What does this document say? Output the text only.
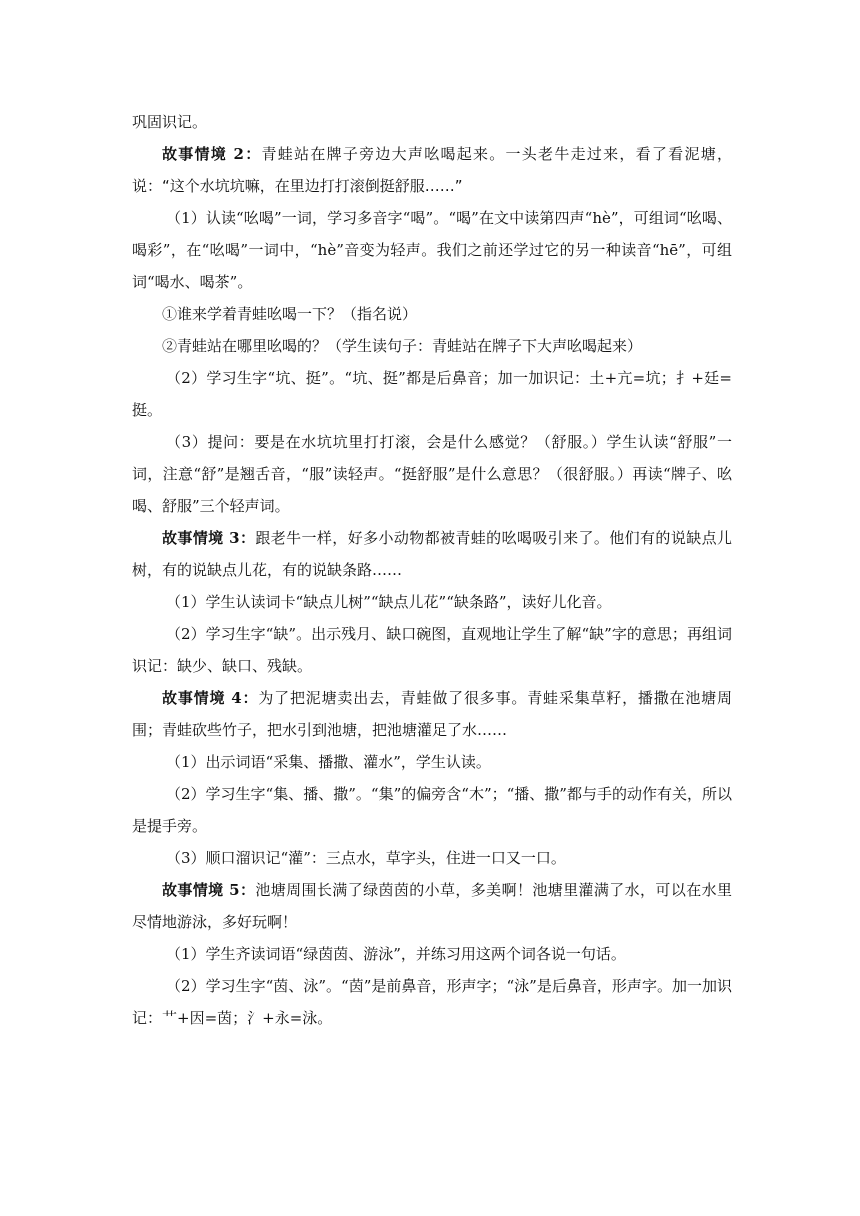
巩固识记。

故事情境 2：青蛙站在牌子旁边大声吆喝起来。一头老牛走过来，看了看泥塘，说：“这个水坑坑嘛，在里边打打滚倒挺舒服……”

（1）认读“吆喝”一词，学习多音字“喝”。“喝”在文中读第四声“hè”，可组词“吆喝、喝彩”，在“吆喝”一词中，“hè”音变为轻声。我们之前还学过它的另一种读音“hē”，可组词“喝水、喝茶”。

①谁来学着青蛙吆喝一下？（指名说）

②青蛙站在哪里吆喝的？（学生读句子：青蛙站在牌子下大声吆喝起来）

（2）学习生字“坑、挺”。“坑、挺”都是后鼻音；加一加识记：土+亢=坑；扌+廷=挺。

（3）提问：要是在水坑坑里打打滚，会是什么感觉？（舒服。）学生认读“舒服”一词，注意“舒”是翘舌音，“服”读轻声。“挺舒服”是什么意思？（很舒服。）再读“牌子、吆喝、舒服”三个轻声词。

故事情境 3：跟老牛一样，好多小动物都被青蛙的吆喝吸引来了。他们有的说缺点儿树，有的说缺点儿花，有的说缺条路……

（1）学生认读词卡“缺点儿树”“缺点儿花”“缺条路”，读好儿化音。

（2）学习生字“缺”。出示残月、缺口碗图，直观地让学生了解“缺”字的意思；再组词识记：缺少、缺口、残缺。

故事情境 4：为了把泥塘卖出去，青蛙做了很多事。青蛙采集草籽，播撒在池塘周围；青蛙砍些竹子，把水引到池塘，把池塘灌足了水……

（1）出示词语“采集、播撒、灌水”，学生认读。

（2）学习生字“集、播、撒”。“集”的偏旁含“木”；“播、撒”都与手的动作有关，所以是提手旁。

（3）顺口溜识记“灌”：三点水，草字头，住进一口又一口。

故事情境 5：池塘周围长满了绿茵茵的小草，多美啊！池塘里灌满了水，可以在水里尽情地游泳，多好玩啊！

（1）学生齐读词语“绿茵茵、游泳”，并练习用这两个词各说一句话。

（2）学习生字“茵、泳”。“茵”是前鼻音，形声字；“泳”是后鼻音，形声字。加一加识记：艹+因=茵；氵+永=泳。
